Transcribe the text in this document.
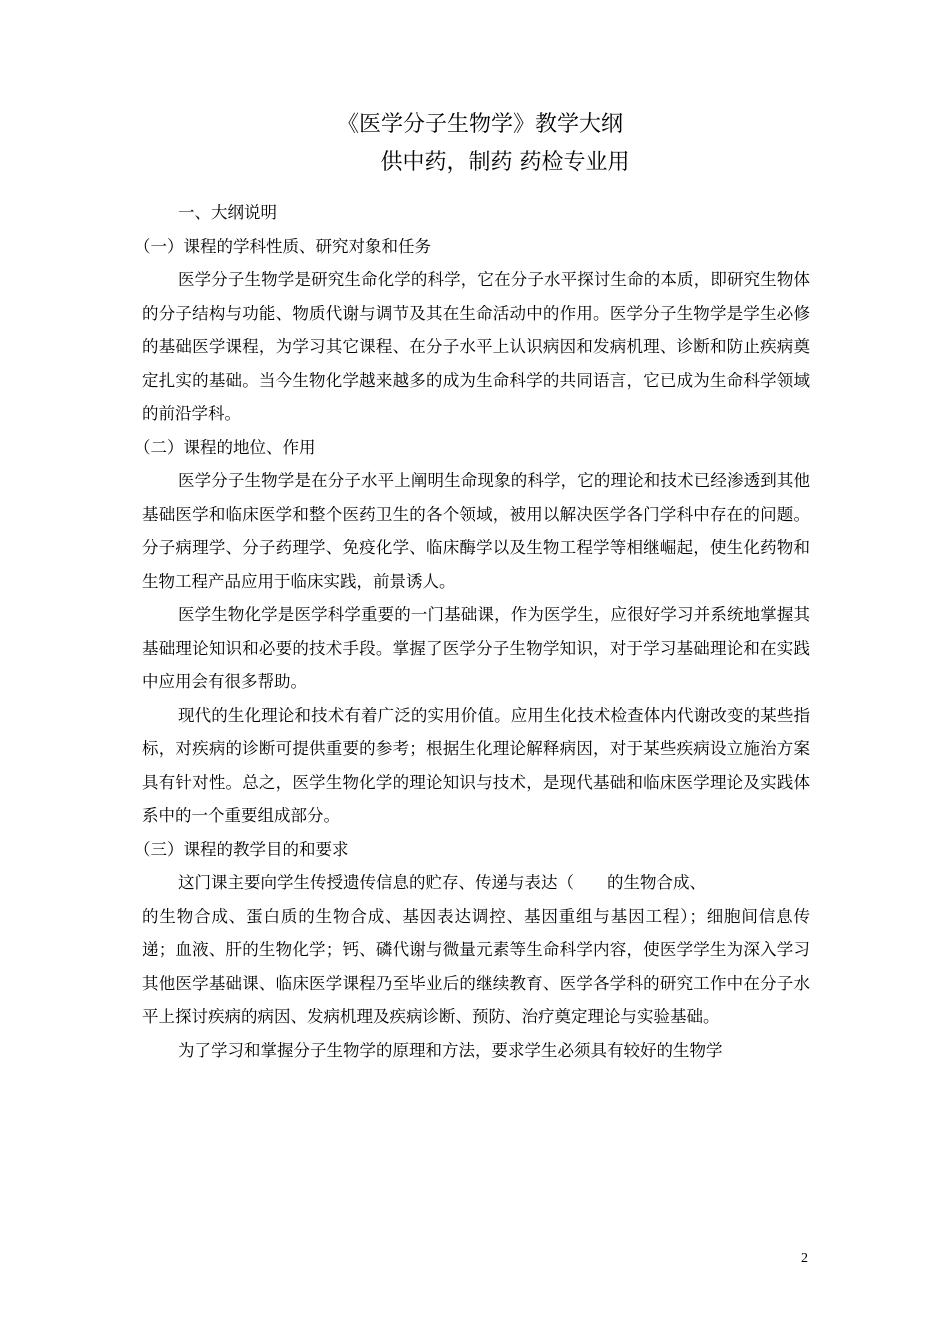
《医学分子生物学》教学大纲
供中药，制药 药检专业用

一、大纲说明

（一）课程的学科性质、研究对象和任务

医学分子生物学是研究生命化学的科学，它在分子水平探讨生命的本质，即研究生物体的分子结构与功能、物质代谢与调节及其在生命活动中的作用。医学分子生物学是学生必修的基础医学课程，为学习其它课程、在分子水平上认识病因和发病机理、诊断和防止疾病奠定扎实的基础。当今生物化学越来越多的成为生命科学的共同语言，它已成为生命科学领域的前沿学科。

（二）课程的地位、作用

医学分子生物学是在分子水平上阐明生命现象的科学，它的理论和技术已经渗透到其他基础医学和临床医学和整个医药卫生的各个领域，被用以解决医学各门学科中存在的问题。分子病理学、分子药理学、免疫化学、临床酶学以及生物工程学等相继崛起，使生化药物和生物工程产品应用于临床实践，前景诱人。

医学生物化学是医学科学重要的一门基础课，作为医学生，应很好学习并系统地掌握其基础理论知识和必要的技术手段。掌握了医学分子生物学知识，对于学习基础理论和在实践中应用会有很多帮助。

现代的生化理论和技术有着广泛的实用价值。应用生化技术检查体内代谢改变的某些指标，对疾病的诊断可提供重要的参考；根据生化理论解释病因，对于某些疾病设立施治方案具有针对性。总之，医学生物化学的理论知识与技术，是现代基础和临床医学理论及实践体系中的一个重要组成部分。

（三）课程的教学目的和要求

这门课主要向学生传授遗传信息的贮存、传递与表达（　　的生物合成、

的生物合成、蛋白质的生物合成、基因表达调控、基因重组与基因工程）；细胞间信息传递；血液、肝的生物化学；钙、磷代谢与微量元素等生命科学内容，使医学学生为深入学习其他医学基础课、临床医学课程乃至毕业后的继续教育、医学各学科的研究工作中在分子水平上探讨疾病的病因、发病机理及疾病诊断、预防、治疗奠定理论与实验基础。

为了学习和掌握分子生物学的原理和方法，要求学生必须具有较好的生物学

2
